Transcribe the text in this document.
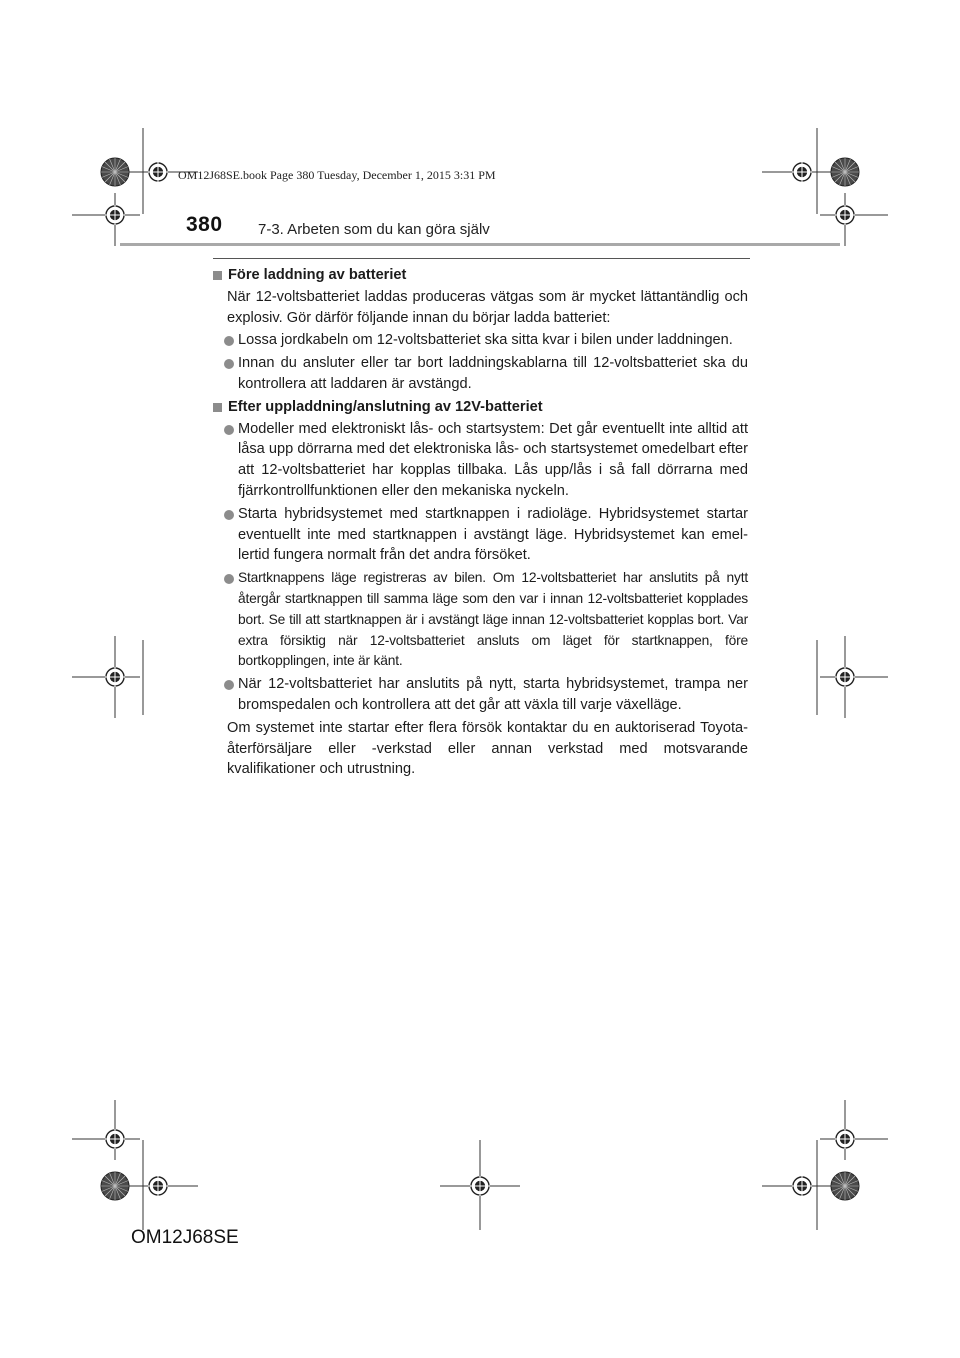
OM12J68SE.book Page 380 Tuesday, December 1, 2015 3:31 PM
380 7-3. Arbeten som du kan göra själv
Före laddning av batteriet
När 12-voltsbatteriet laddas produceras vätgas som är mycket lättantändlig och explosiv. Gör därför följande innan du börjar ladda batteriet:
Lossa jordkabeln om 12-voltsbatteriet ska sitta kvar i bilen under laddningen.
Innan du ansluter eller tar bort laddningskablarna till 12-voltsbatteriet ska du kontrollera att laddaren är avstängd.
Efter uppladdning/anslutning av 12V-batteriet
Modeller med elektroniskt lås- och startsystem: Det går eventuellt inte alltid att låsa upp dörrarna med det elektroniska lås- och startsystemet omedelbart efter att 12-voltsbatteriet har kopplas tillbaka. Lås upp/lås i så fall dörrarna med fjärrkontrollfunktionen eller den mekaniska nyckeln.
Starta hybridsystemet med startknappen i radioläge. Hybridsystemet startar eventuellt inte med startknappen i avstängt läge. Hybridsystemet kan emellertid fungera normalt från det andra försöket.
Startknappens läge registreras av bilen. Om 12-voltsbatteriet har anslutits på nytt återgår startknappen till samma läge som den var i innan 12-voltsbatteriet kopplades bort. Se till att startknappen är i avstängt läge innan 12-voltsbatteriet kopplas bort. Var extra försiktig när 12-voltsbatteriet ansluts om läget för startknappen, före bortkopplingen, inte är känt.
När 12-voltsbatteriet har anslutits på nytt, starta hybridsystemet, trampa ner bromspedalen och kontrollera att det går att växla till varje växelläge.
Om systemet inte startar efter flera försök kontaktar du en auktoriserad Toyota-återförsäljare eller -verkstad eller annan verkstad med motsvarande kvalifikationer och utrustning.
OM12J68SE
